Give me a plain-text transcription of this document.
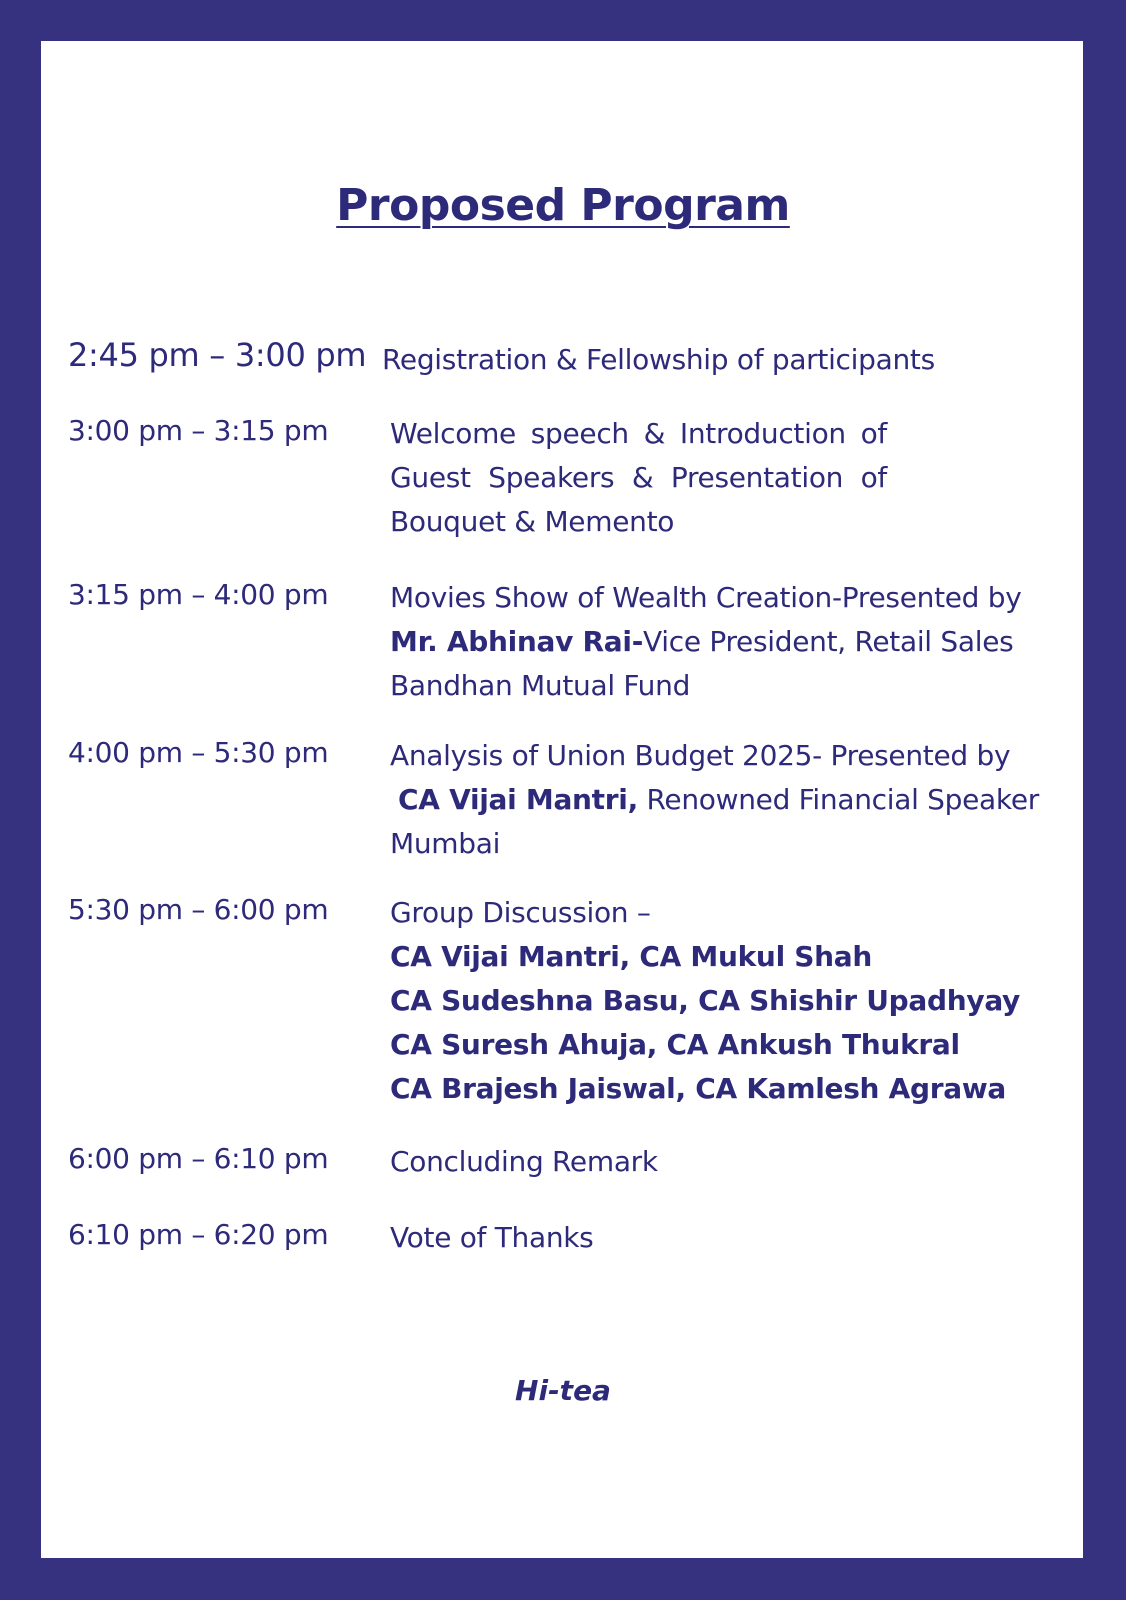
Proposed Program
2:45 pm – 3:00 pm Registration & Fellowship of participants
3:00 pm – 3:15 pm Welcome speech & Introduction of
Guest Speakers & Presentation of
Bouquet & Memento
3:15 pm – 4:00 pm Movies Show of Wealth Creation-Presented by
Mr. Abhinav Rai-Vice President, Retail Sales
Bandhan Mutual Fund
4:00 pm – 5:30 pm Analysis of Union Budget 2025- Presented by
CA Vijai Mantri, Renowned Financial Speaker
Mumbai
5:30 pm – 6:00 pm Group Discussion –
CA Vijai Mantri, CA Mukul Shah
CA Sudeshna Basu, CA Shishir Upadhyay
CA Suresh Ahuja, CA Ankush Thukral
CA Brajesh Jaiswal, CA Kamlesh Agrawa
6:00 pm – 6:10 pm Concluding Remark
6:10 pm – 6:20 pm Vote of Thanks
Hi-tea
